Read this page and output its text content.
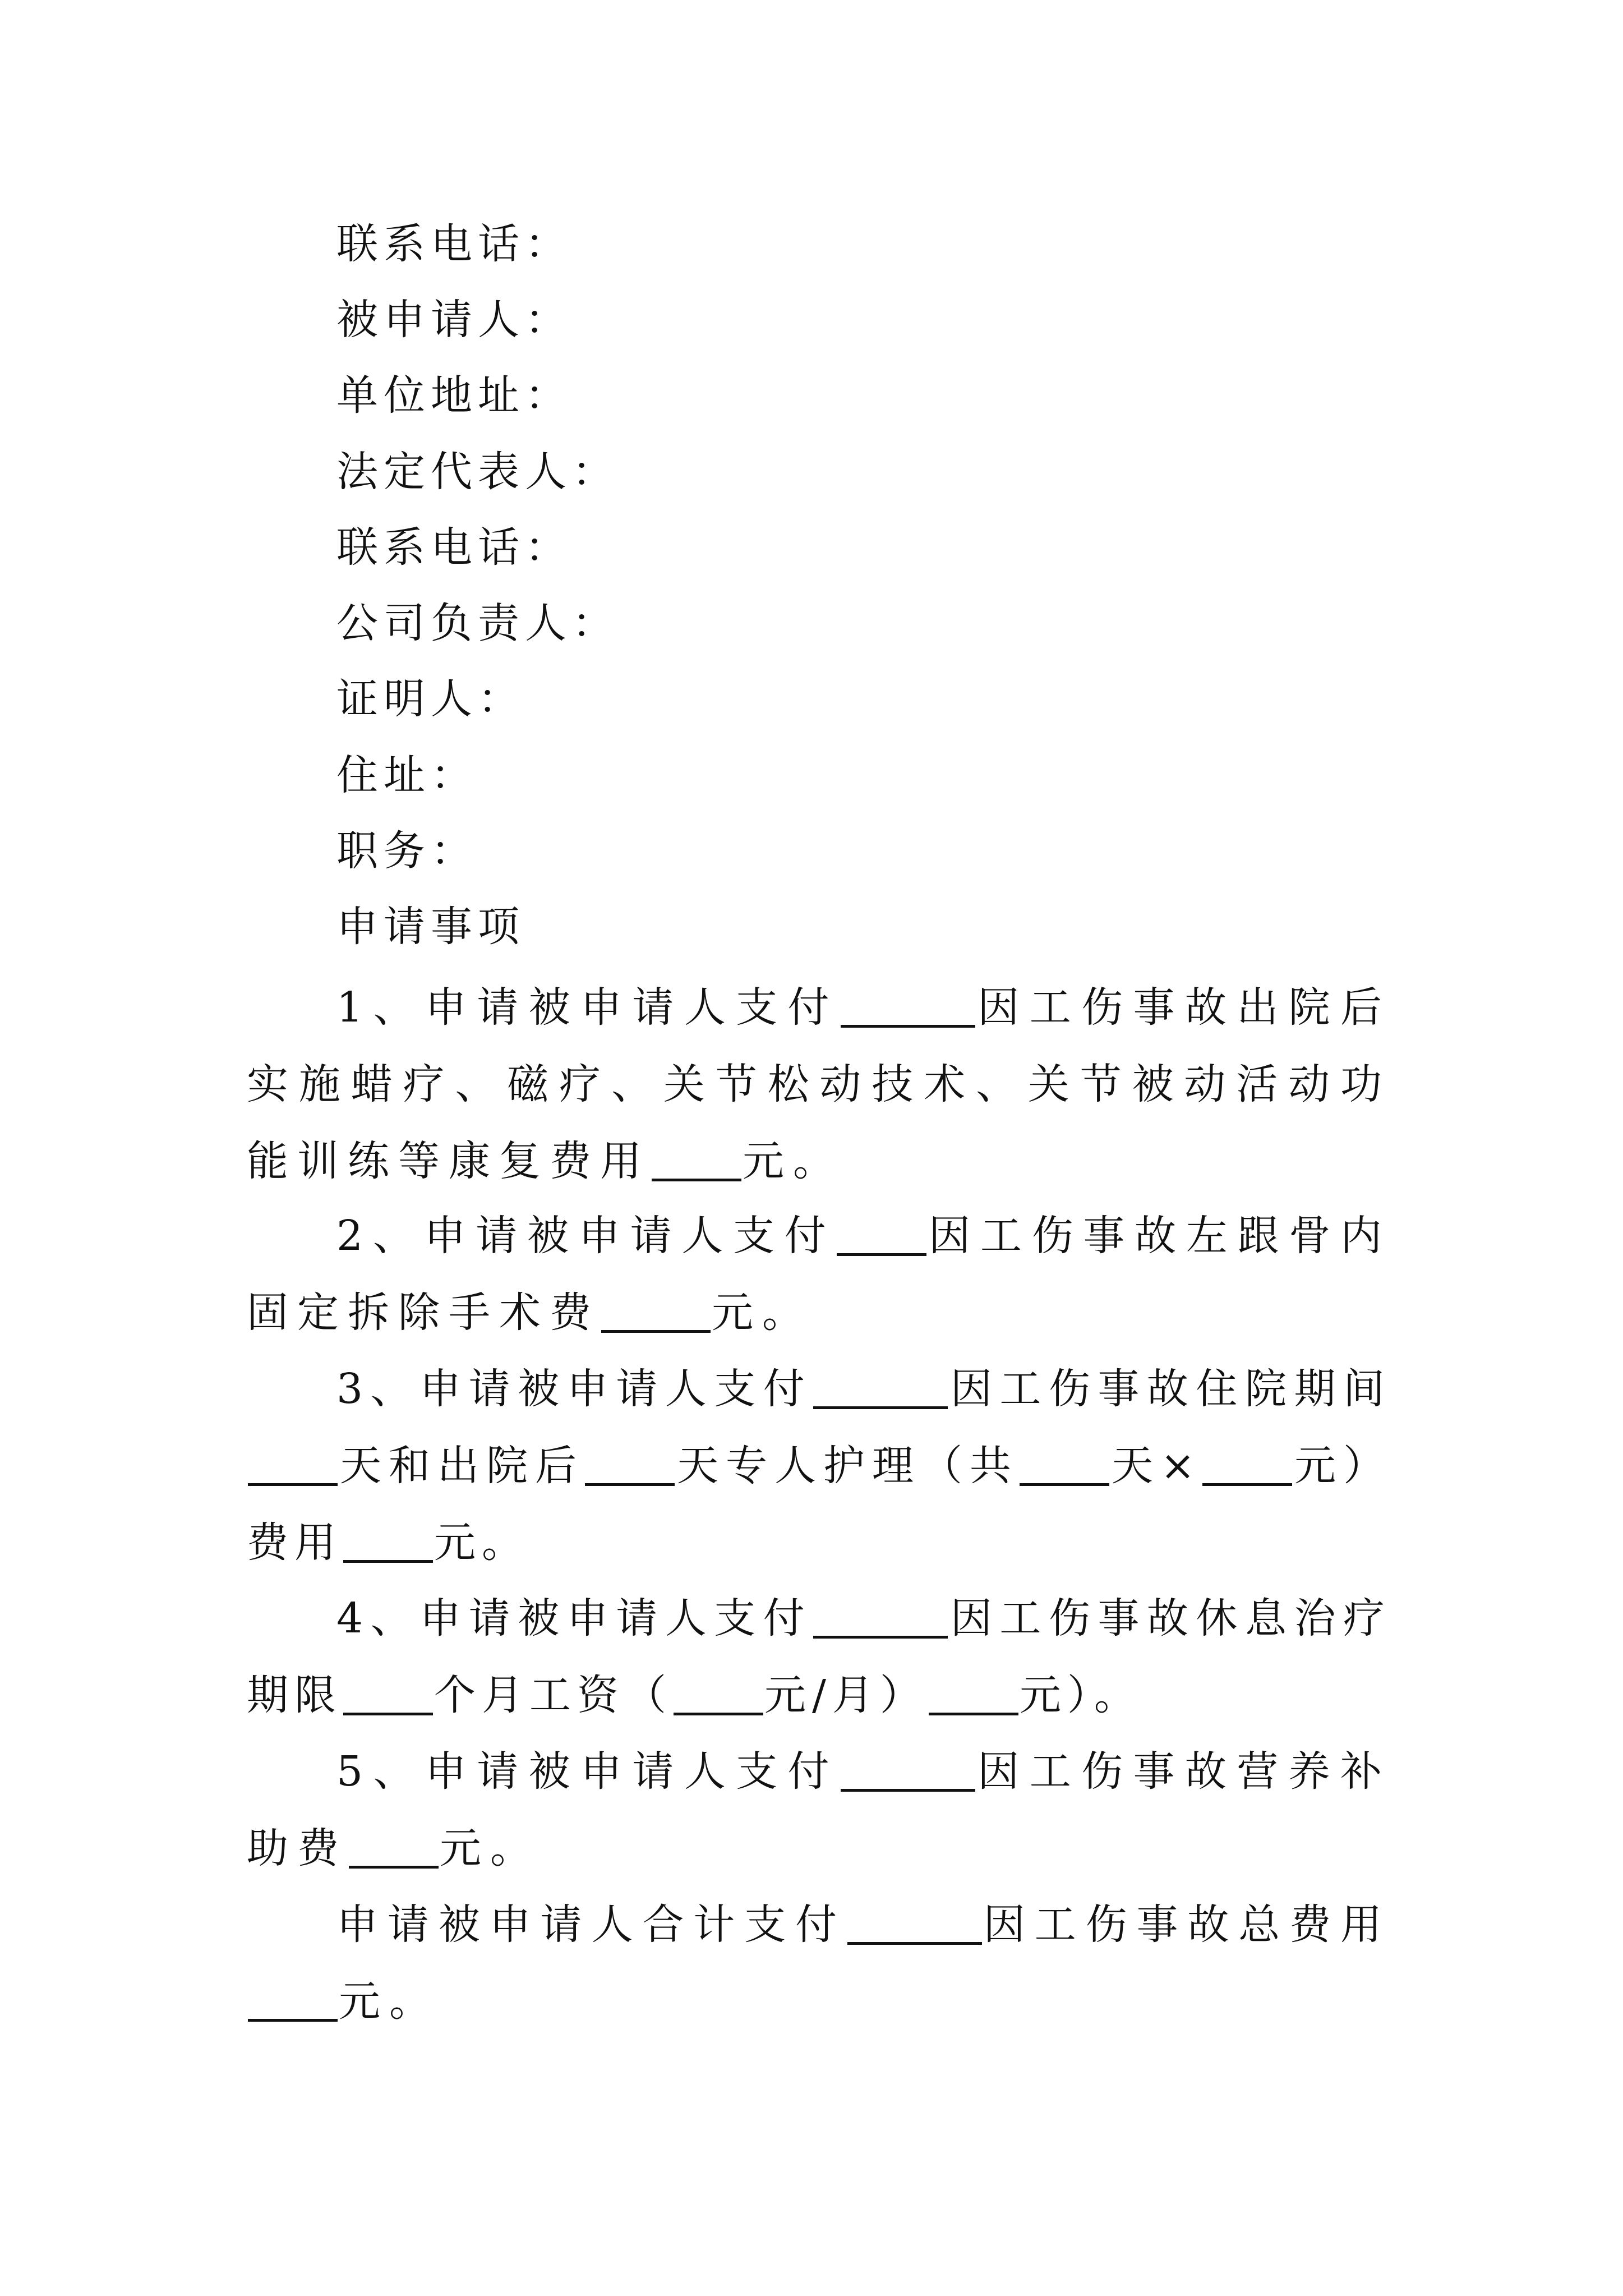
联系电话：
被申请人：
单位地址：
法定代表人：
联系电话：
公司负责人：
证明人：
住址：
职务：
申请事项

1、申请被申请人支付	因工伤事故出院后实施蜡疗、磁疗、关节松动技术、关节被动活动功能训练等康复费用 元。

2、申请被申请人支付 因工伤事故左跟骨内固定拆除手术费	元。

3、申请被申请人支付	因工伤事故住院期间天和出院后 天专人护理（共 天× 元）费用 元。

4、申请被申请人支付	因工伤事故休息治疗期限 个月工资（ 元/月） 元）。

5、申请被申请人支付	因工伤事故营养补助费 元。

申请被申请人合计支付	因工伤事故总费用元。
